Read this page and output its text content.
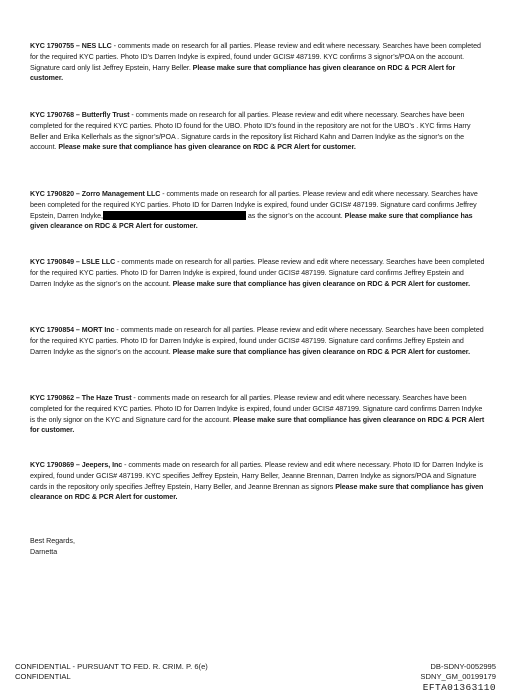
KYC 1790755 – NES LLC - comments made on research for all parties. Please review and edit where necessary. Searches have been completed for the required KYC parties. Photo ID’s Darren Indyke is expired, found under GCIS# 487199. KYC confirms 3 signor’s/POA on the account. Signature card only list Jeffrey Epstein, Harry Beller. Please make sure that compliance has given clearance on RDC & PCR Alert for customer.

KYC 1790768 – Butterfly Trust - comments made on research for all parties. Please review and edit where necessary. Searches have been completed for the required KYC parties. Photo ID found for the UBO. Photo ID’s found in the repository are not for the UBO’s . KYC firms Harry Beller and Erika Kellerhals as the signor’s/POA . Signature cards in the repository list Richard Kahn and Darren Indyke as the signor’s on the account. Please make sure that compliance has given clearance on RDC & PCR Alert for customer.

KYC 1790820 – Zorro Management LLC - comments made on research for all parties. Please review and edit where necessary. Searches have been completed for the required KYC parties. Photo ID for Darren Indyke is expired, found under GCIS# 487199. Signature card confirms Jeffrey Epstein, Darren Indyke,	as the signor’s on the account. Please make sure that compliance has given clearance on RDC & PCR Alert for customer.

KYC 1790849 – LSLE LLC - comments made on research for all parties. Please review and edit where necessary. Searches have been completed for the required KYC parties. Photo ID for Darren Indyke is expired, found under GCIS# 487199. Signature card confirms Jeffrey Epstein and Darren Indyke as the signor’s on the account. Please make sure that compliance has given clearance on RDC & PCR Alert for customer.

KYC 1790854 – MORT Inc - comments made on research for all parties. Please review and edit where necessary. Searches have been completed for the required KYC parties. Photo ID for Darren Indyke is expired, found under GCIS# 487199. Signature card confirms Jeffrey Epstein and Darren Indyke as the signor’s on the account. Please make sure that compliance has given clearance on RDC & PCR Alert for customer.

KYC 1790862 – The Haze Trust - comments made on research for all parties. Please review and edit where necessary. Searches have been completed for the required KYC parties. Photo ID for Darren Indyke is expired, found under GCIS# 487199. Signature card confirms Darren Indyke is the only signor on the KYC and Signature card for the account. Please make sure that compliance has given clearance on RDC & PCR Alert for customer.

KYC 1790869 – Jeepers, Inc - comments made on research for all parties. Please review and edit where necessary. Photo ID for Darren Indyke is expired, found under GCIS# 487199. KYC specifies Jeffrey Epstein, Harry Beller, Jeanne Brennan, Darren Indyke as signors/POA and Signature cards in the repository only specifies Jeffrey Epstein, Harry Beller, and Jeanne Brennan as signors Please make sure that compliance has given clearance on RDC & PCR Alert for customer.

Best Regards,
Darnetta
CONFIDENTIAL - PURSUANT TO FED. R. CRIM. P. 6(e)
CONFIDENTIAL
DB-SDNY-0052995
SDNY_GM_00199179
EFTA01363110
